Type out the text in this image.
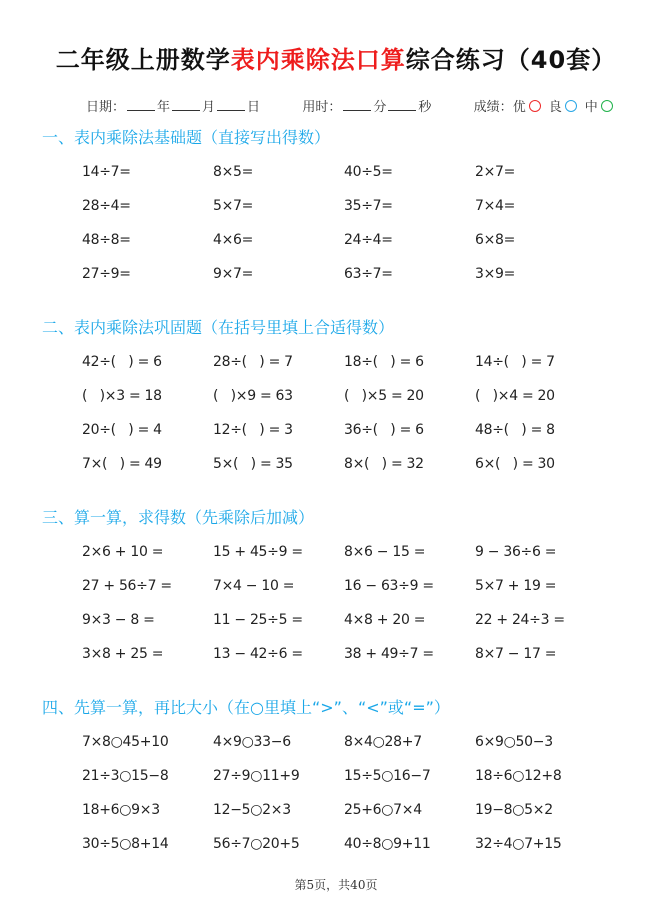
二年级上册数学表内乘除法口算综合练习（40套）
日期： 年 月 日	用时： 分 秒	成绩：优 良 中
一、表内乘除法基础题（直接写出得数）
14÷7=	8×5=	40÷5=	2×7=
28÷4=	5×7=	35÷7=	7×4=
48÷8=	4×6=	24÷4=	6×8=
27÷9=	9×7=	63÷7=	3×9=
二、表内乘除法巩固题（在括号里填上合适得数）
42÷(   ) = 6	28÷(   ) = 7	18÷(   ) = 6	14÷(   ) = 7
(   )×3 = 18	(   )×9 = 63	(   )×5 = 20	(   )×4 = 20
20÷(   ) = 4	12÷(   ) = 3	36÷(   ) = 6	48÷(   ) = 8
7×(   ) = 49	5×(   ) = 35	8×(   ) = 32	6×(   ) = 30
三、算一算，求得数（先乘除后加减）
2×6 + 10 =	15 + 45÷9 =	8×6 − 15 =	9 − 36÷6 =
27 + 56÷7 =	7×4 − 10 =	16 − 63÷9 =	5×7 + 19 =
9×3 − 8 =	11 − 25÷5 =	4×8 + 20 =	22 + 24÷3 =
3×8 + 25 =	13 − 42÷6 =	38 + 49÷7 =	8×7 − 17 =
四、先算一算，再比大小（在○里填上“>”、“<”或“=”）
7×8○45+10	4×9○33−6	8×4○28+7	6×9○50−3
21÷3○15−8	27÷9○11+9	15÷5○16−7	18÷6○12+8
18+6○9×3	12−5○2×3	25+6○7×4	19−8○5×2
30÷5○8+14	56÷7○20+5	40÷8○9+11	32÷4○7+15
第5页，共40页
